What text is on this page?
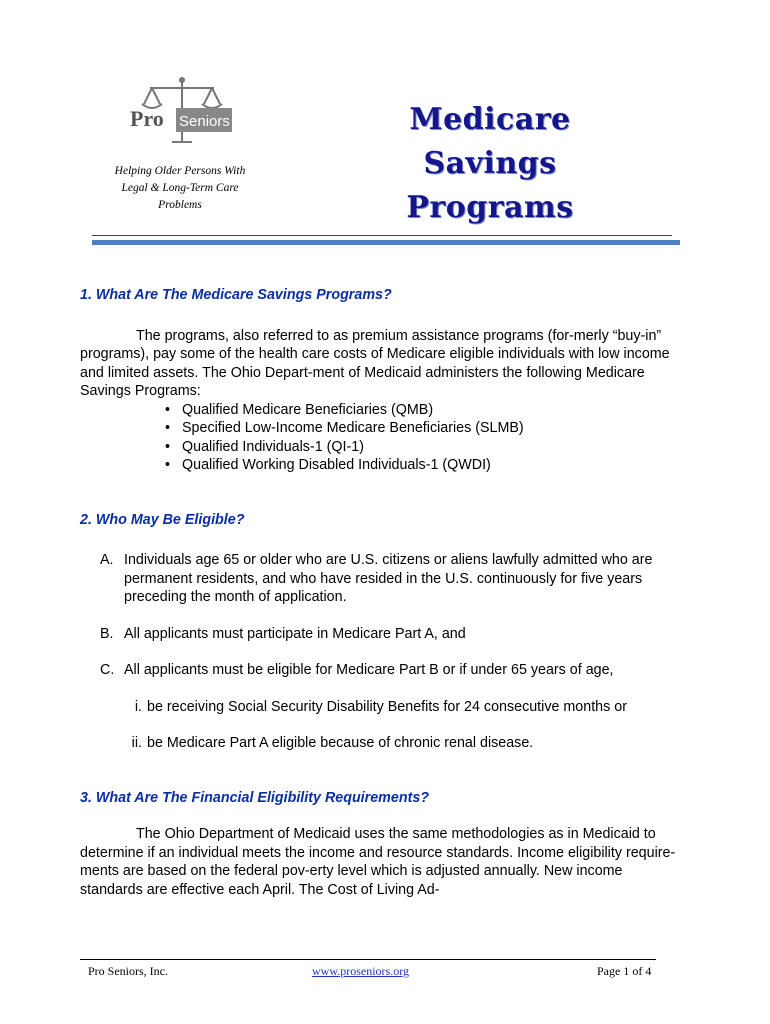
Pro Seniors
Helping Older Persons With
Legal & Long-Term Care
Problems
Medicare
Savings
Programs
1. What Are The Medicare Savings Programs?

The programs, also referred to as premium assistance programs (for-merly “buy-in” programs), pay some of the health care costs of Medicare eligible individuals with low income and limited assets. The Ohio Depart-ment of Medicaid administers the following Medicare Savings Programs:

• Qualified Medicare Beneficiaries (QMB)
• Specified Low-Income Medicare Beneficiaries (SLMB)
• Qualified Individuals-1 (QI-1)
• Qualified Working Disabled Individuals-1 (QWDI)
2. Who May Be Eligible?
A. Individuals age 65 or older who are U.S. citizens or aliens lawfully admitted who are permanent residents, and who have resided in the U.S. continuously for five years preceding the month of application.
B. All applicants must participate in Medicare Part A, and
C. All applicants must be eligible for Medicare Part B or if under 65 years of age,
i. be receiving Social Security Disability Benefits for 24 consecutive months or
ii. be Medicare Part A eligible because of chronic renal disease.
3. What Are The Financial Eligibility Requirements?

The Ohio Department of Medicaid uses the same methodologies as in Medicaid to determine if an individual meets the income and resource standards. Income eligibility require-ments are based on the federal pov-erty level which is adjusted annually. New income standards are effective each April. The Cost of Living Ad-

Pro Seniors, Inc.	www.proseniors.org	Page 1 of 4
